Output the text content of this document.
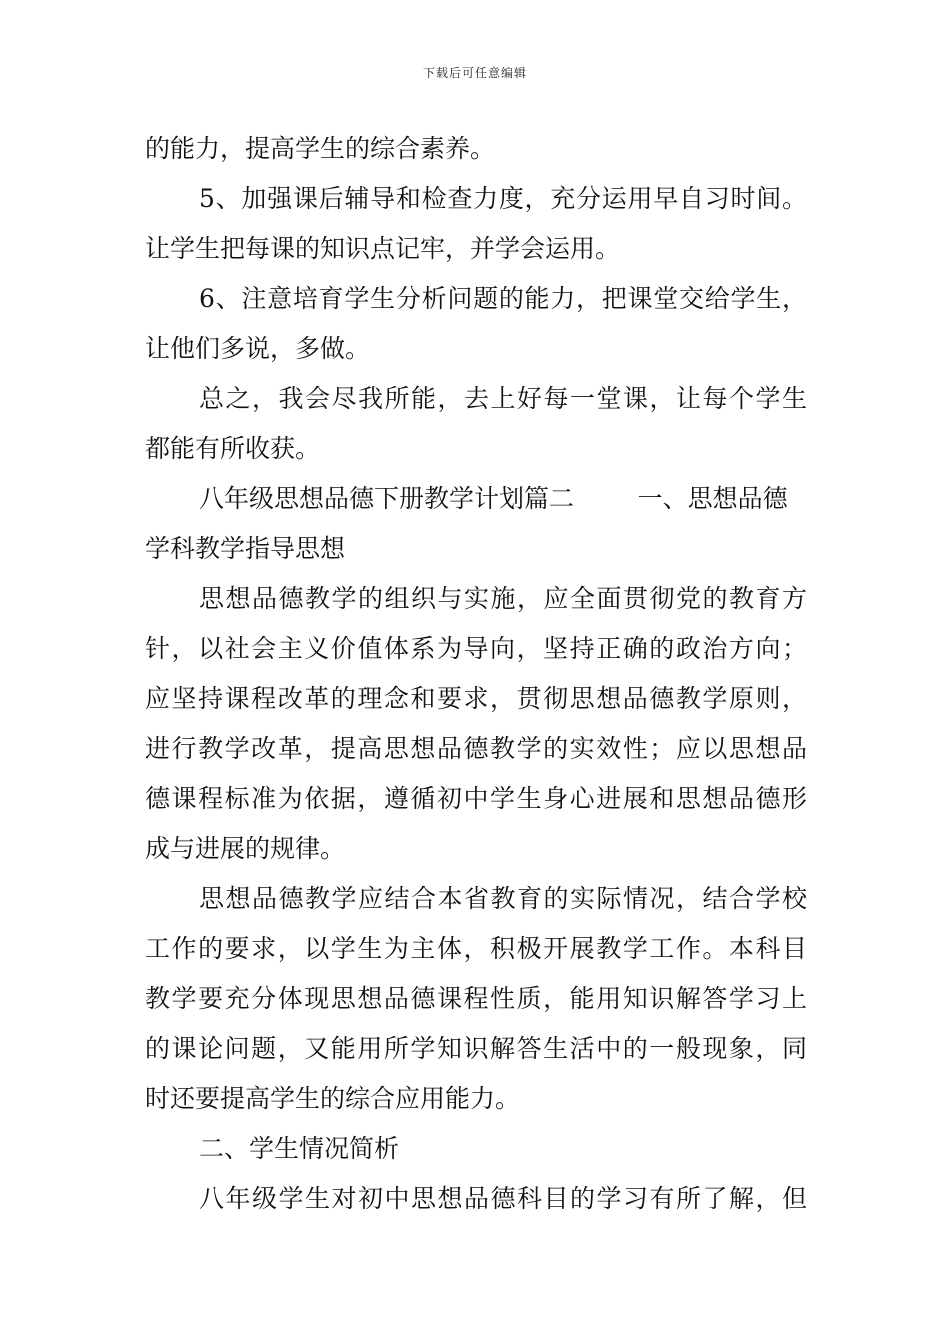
下载后可任意编辑
的能力，提高学生的综合素养。
5、加强课后辅导和检查力度，充分运用早自习时间。
让学生把每课的知识点记牢，并学会运用。
6、注意培育学生分析问题的能力，把课堂交给学生，
让他们多说，多做。
总之，我会尽我所能，去上好每一堂课，让每个学生
都能有所收获。
八年级思想品德下册教学计划篇二        一、思想品德
学科教学指导思想
思想品德教学的组织与实施，应全面贯彻党的教育方
针，以社会主义价值体系为导向，坚持正确的政治方向；
应坚持课程改革的理念和要求，贯彻思想品德教学原则，
进行教学改革，提高思想品德教学的实效性；应以思想品
德课程标准为依据，遵循初中学生身心进展和思想品德形
成与进展的规律。
思想品德教学应结合本省教育的实际情况，结合学校
工作的要求，以学生为主体，积极开展教学工作。本科目
教学要充分体现思想品德课程性质，能用知识解答学习上
的课论问题，又能用所学知识解答生活中的一般现象，同
时还要提高学生的综合应用能力。
二、学生情况简析
八年级学生对初中思想品德科目的学习有所了解，但
